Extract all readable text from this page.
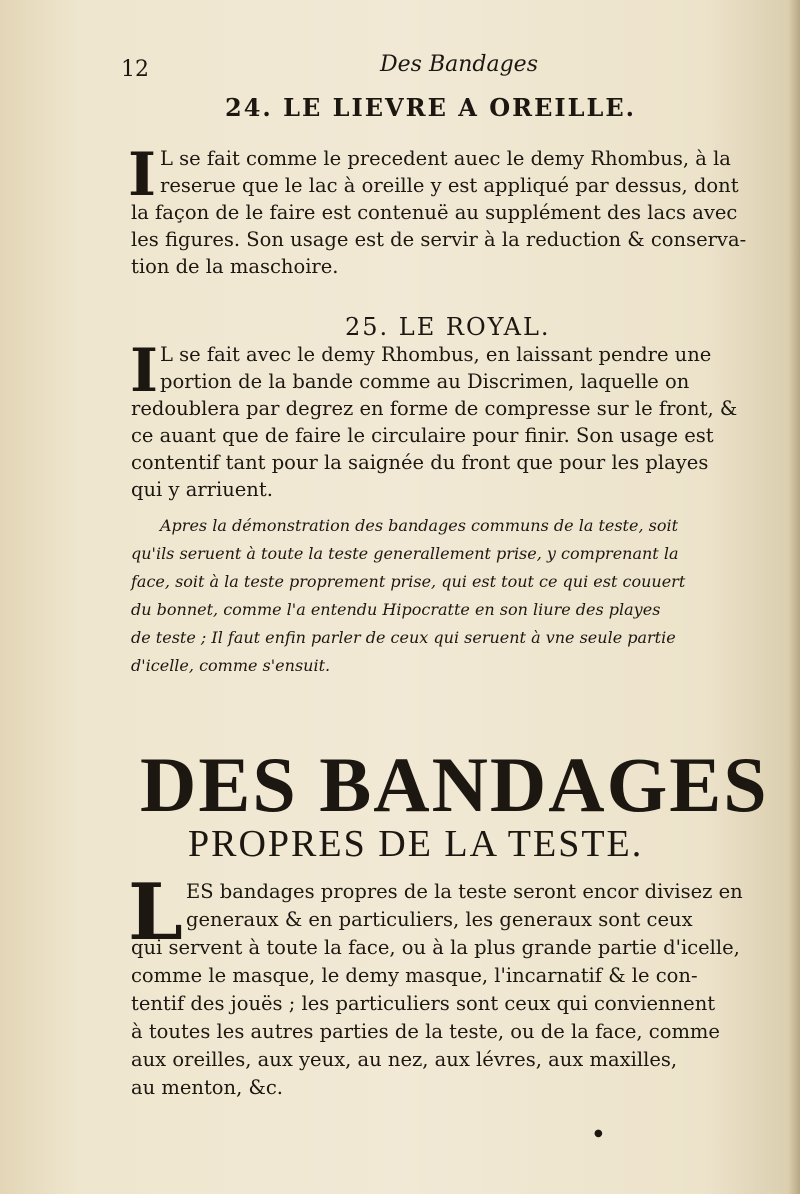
12	Des Bandages
24. LE LIEVRE A OREILLE.
I L se fait comme le precedent auec le demy Rhombus, à la
reserue que le lac à oreille y est appliqué par dessus, dont
la façon de le faire est contenuë au supplément des lacs avec
les figures. Son usage est de servir à la reduction & conserva-
tion de la maschoire.
25. LE ROYAL.
I L se fait avec le demy Rhombus, en laissant pendre une
portion de la bande comme au Discrimen, laquelle on
redoublera par degrez en forme de compresse sur le front, &
ce auant que de faire le circulaire pour finir. Son usage est
contentif tant pour la saignée du front que pour les playes
qui y arriuent.
Apres la démonstration des bandages communs de la teste, soit
qu'ils seruent à toute la teste generallement prise, y comprenant la
face, soit à la teste proprement prise, qui est tout ce qui est couuert
du bonnet, comme l'a entendu Hipocratte en son liure des playes
de teste ; Il faut enfin parler de ceux qui seruent à vne seule partie
d'icelle, comme s'ensuit.
DES BANDAGES
PROPRES DE LA TESTE.
L ES bandages propres de la teste seront encor divisez en
generaux & en particuliers, les generaux sont ceux
qui servent à toute la face, ou à la plus grande partie d'icelle,
comme le masque, le demy masque, l'incarnatif & le con-
tentif des jouës ; les particuliers sont ceux qui conviennent
à toutes les autres parties de la teste, ou de la face, comme
aux oreilles, aux yeux, au nez, aux lévres, aux maxilles,
au menton, &c.
●
